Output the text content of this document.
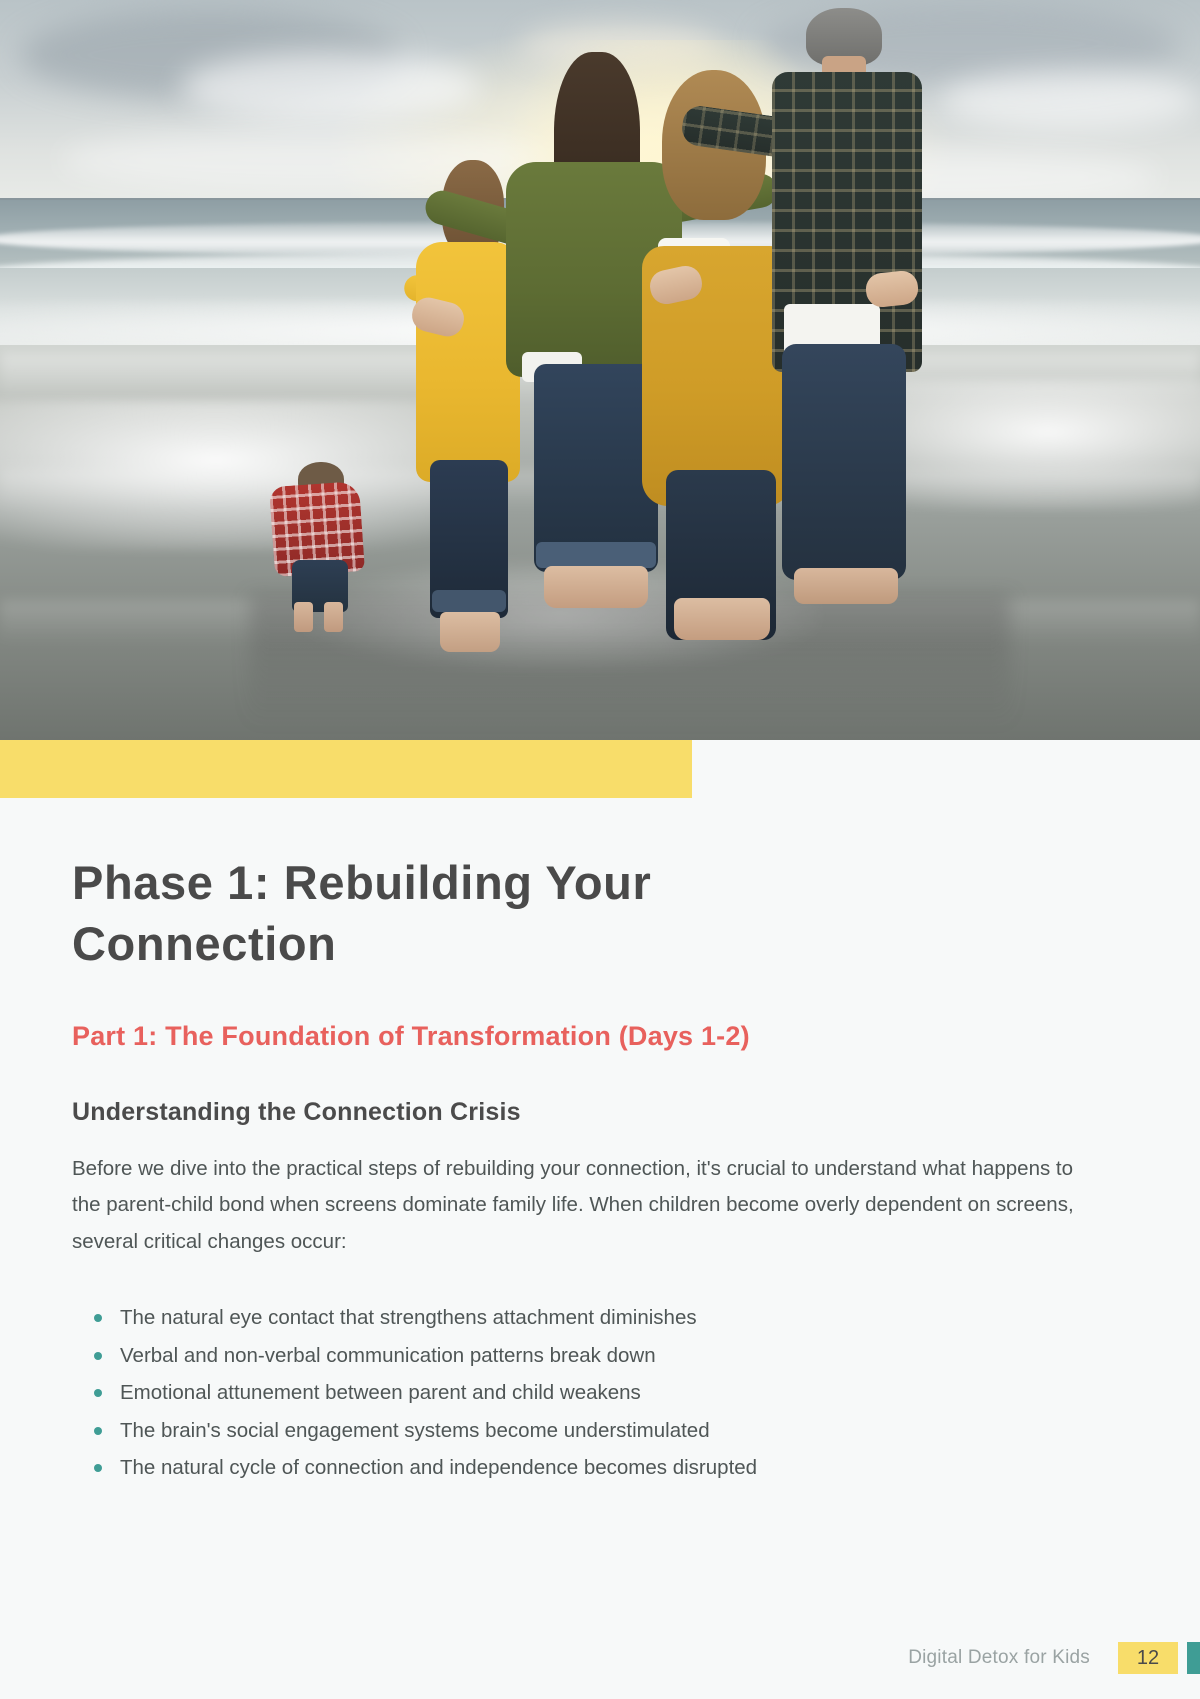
Phase 1: Rebuilding Your Connection
Part 1: The Foundation of Transformation (Days 1-2)
Understanding the Connection Crisis

Before we dive into the practical steps of rebuilding your connection, it's crucial to understand what happens to the parent-child bond when screens dominate family life. When children become overly dependent on screens, several critical changes occur:

The natural eye contact that strengthens attachment diminishes
Verbal and non-verbal communication patterns break down
Emotional attunement between parent and child weakens
The brain's social engagement systems become understimulated
The natural cycle of connection and independence becomes disrupted
Digital Detox for Kids	12
